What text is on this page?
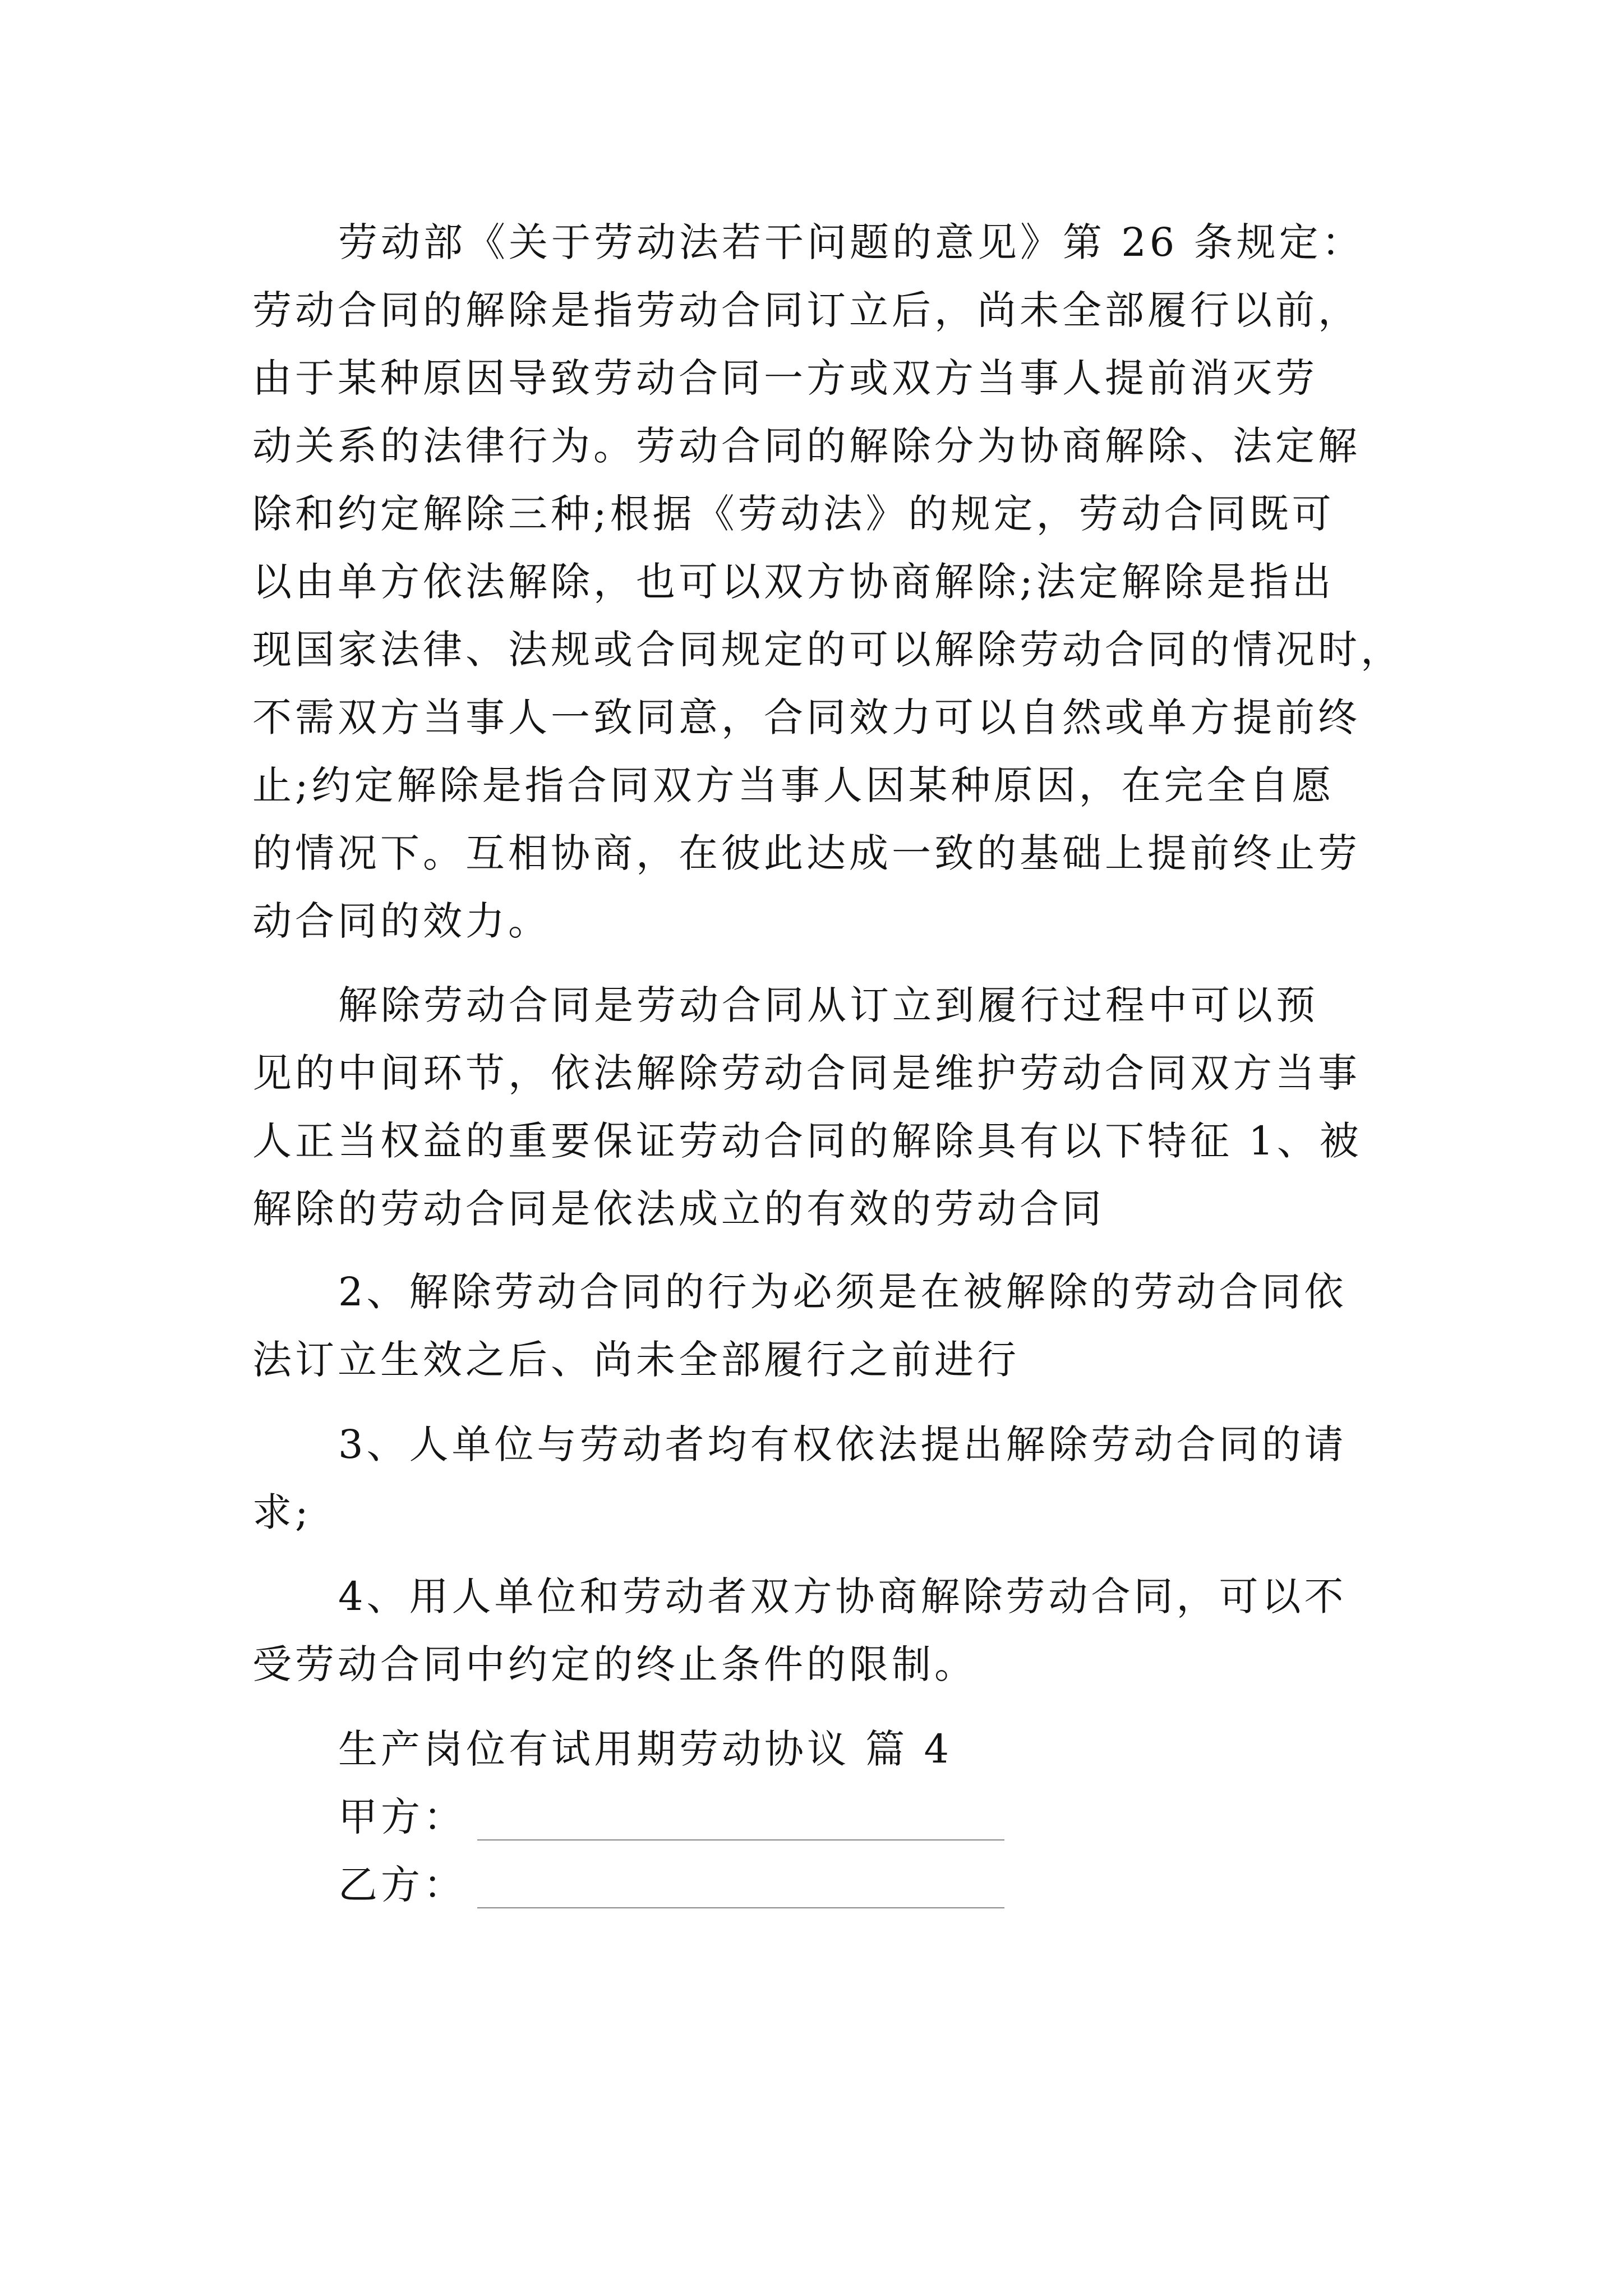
劳动部《关于劳动法若干问题的意见》第 26 条规定：
劳动合同的解除是指劳动合同订立后，尚未全部履行以前，
由于某种原因导致劳动合同一方或双方当事人提前消灭劳
动关系的法律行为。劳动合同的解除分为协商解除、法定解
除和约定解除三种;根据《劳动法》的规定，劳动合同既可
以由单方依法解除，也可以双方协商解除;法定解除是指出
现国家法律、法规或合同规定的可以解除劳动合同的情况时，
不需双方当事人一致同意，合同效力可以自然或单方提前终
止;约定解除是指合同双方当事人因某种原因，在完全自愿
的情况下。互相协商，在彼此达成一致的基础上提前终止劳
动合同的效力。
解除劳动合同是劳动合同从订立到履行过程中可以预
见的中间环节，依法解除劳动合同是维护劳动合同双方当事
人正当权益的重要保证劳动合同的解除具有以下特征 1、被
解除的劳动合同是依法成立的有效的劳动合同
2、解除劳动合同的行为必须是在被解除的劳动合同依
法订立生效之后、尚未全部履行之前进行
3、人单位与劳动者均有权依法提出解除劳动合同的请
求;
4、用人单位和劳动者双方协商解除劳动合同，可以不
受劳动合同中约定的终止条件的限制。
生产岗位有试用期劳动协议 篇 4
甲方：
乙方：
